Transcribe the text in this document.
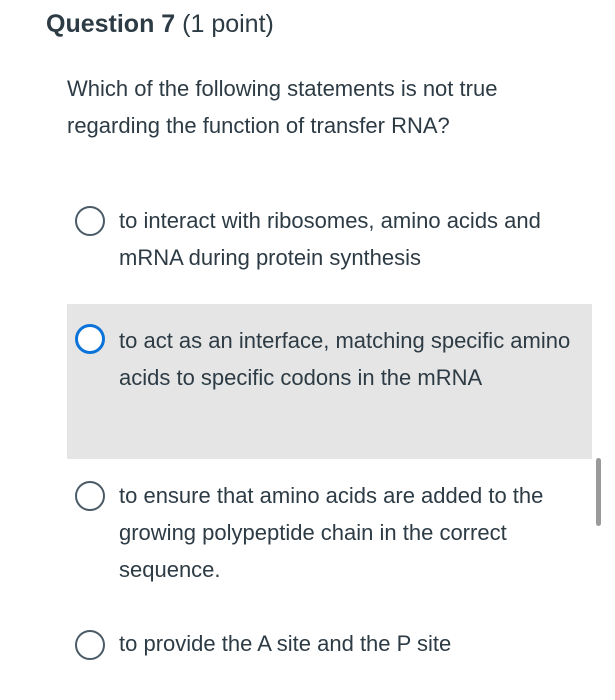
Question 7 (1 point)
Which of the following statements is not true regarding the function of transfer RNA?
to interact with ribosomes, amino acids and mRNA during protein synthesis
to act as an interface, matching specific amino acids to specific codons in the mRNA
to ensure that amino acids are added to the growing polypeptide chain in the correct sequence.
to provide the A site and the P site
